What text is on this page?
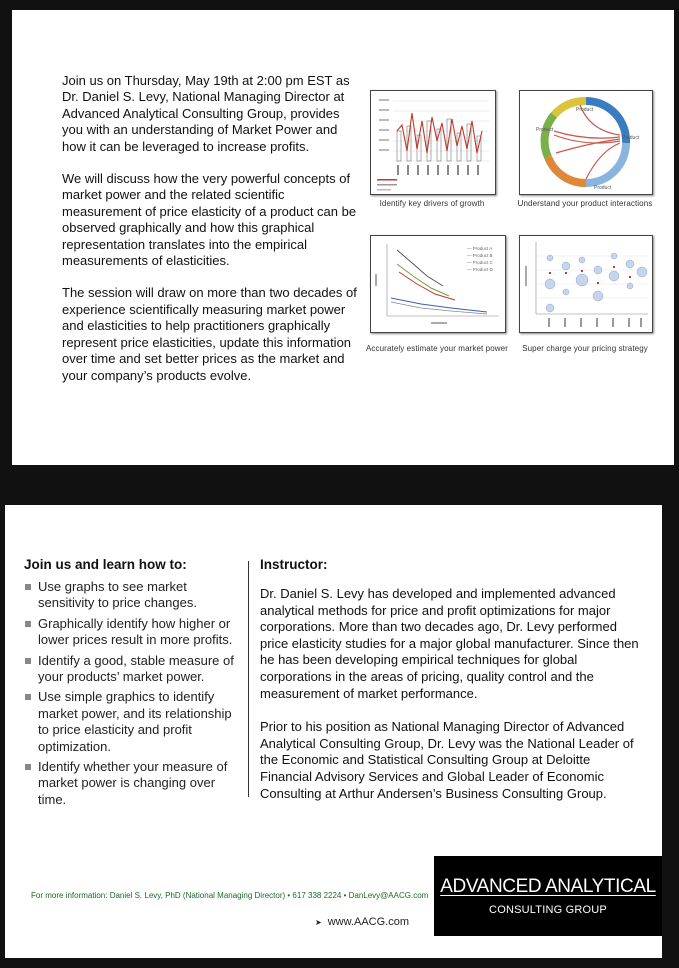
Join us on Thursday, May 19th at 2:00 pm EST as Dr. Daniel S. Levy, National Managing Director at Advanced Analytical Consulting Group, provides you with an understanding of Market Power and how it can be leveraged to increase profits.

We will discuss how the very powerful concepts of market power and the related scientific measurement of price elasticity of a product can be observed graphically and how this graphical representation translates into the empirical measurements of elasticities.

The session will draw on more than two decades of experience scientifically measuring market power and elasticities to help practitioners graphically represent price elasticities, update this information over time and set better prices as the market and your company’s products evolve.

Identify key drivers of growth
Product
Product
Product
Product
Understand your product interactions
— Product A
— Product B
— Product C
— Product D
Accurately estimate your market power	Super charge your pricing strategy
Join us and learn how to:
Use graphs to see market sensitivity to price changes.
Graphically identify how higher or lower prices result in more profits.
Identify a good, stable measure of your products’ market power.
Use simple graphics to identify market power, and its relationship to price elasticity and profit optimization.
Identify whether your measure of market power is changing over time.
Instructor:

Dr. Daniel S. Levy has developed and implemented advanced analytical methods for price and profit optimizations for major corporations. More than two decades ago, Dr. Levy performed price elasticity studies for a major global manufacturer. Since then he has been developing empirical techniques for global corporations in the areas of pricing, quality control and the measurement of market performance.

Prior to his position as National Managing Director of Advanced Analytical Consulting Group, Dr. Levy was the National Leader of the Economic and Statistical Consulting Group at Deloitte Financial Advisory Services and Global Leader of Economic Consulting at Arthur Andersen’s Business Consulting Group.

For more information: Daniel S. Levy, PhD (National Managing Director) • 617 338 2224 • DanLevy@AACG.com
➤ www.AACG.com
ADVANCED ANALYTICAL
CONSULTING GROUP
